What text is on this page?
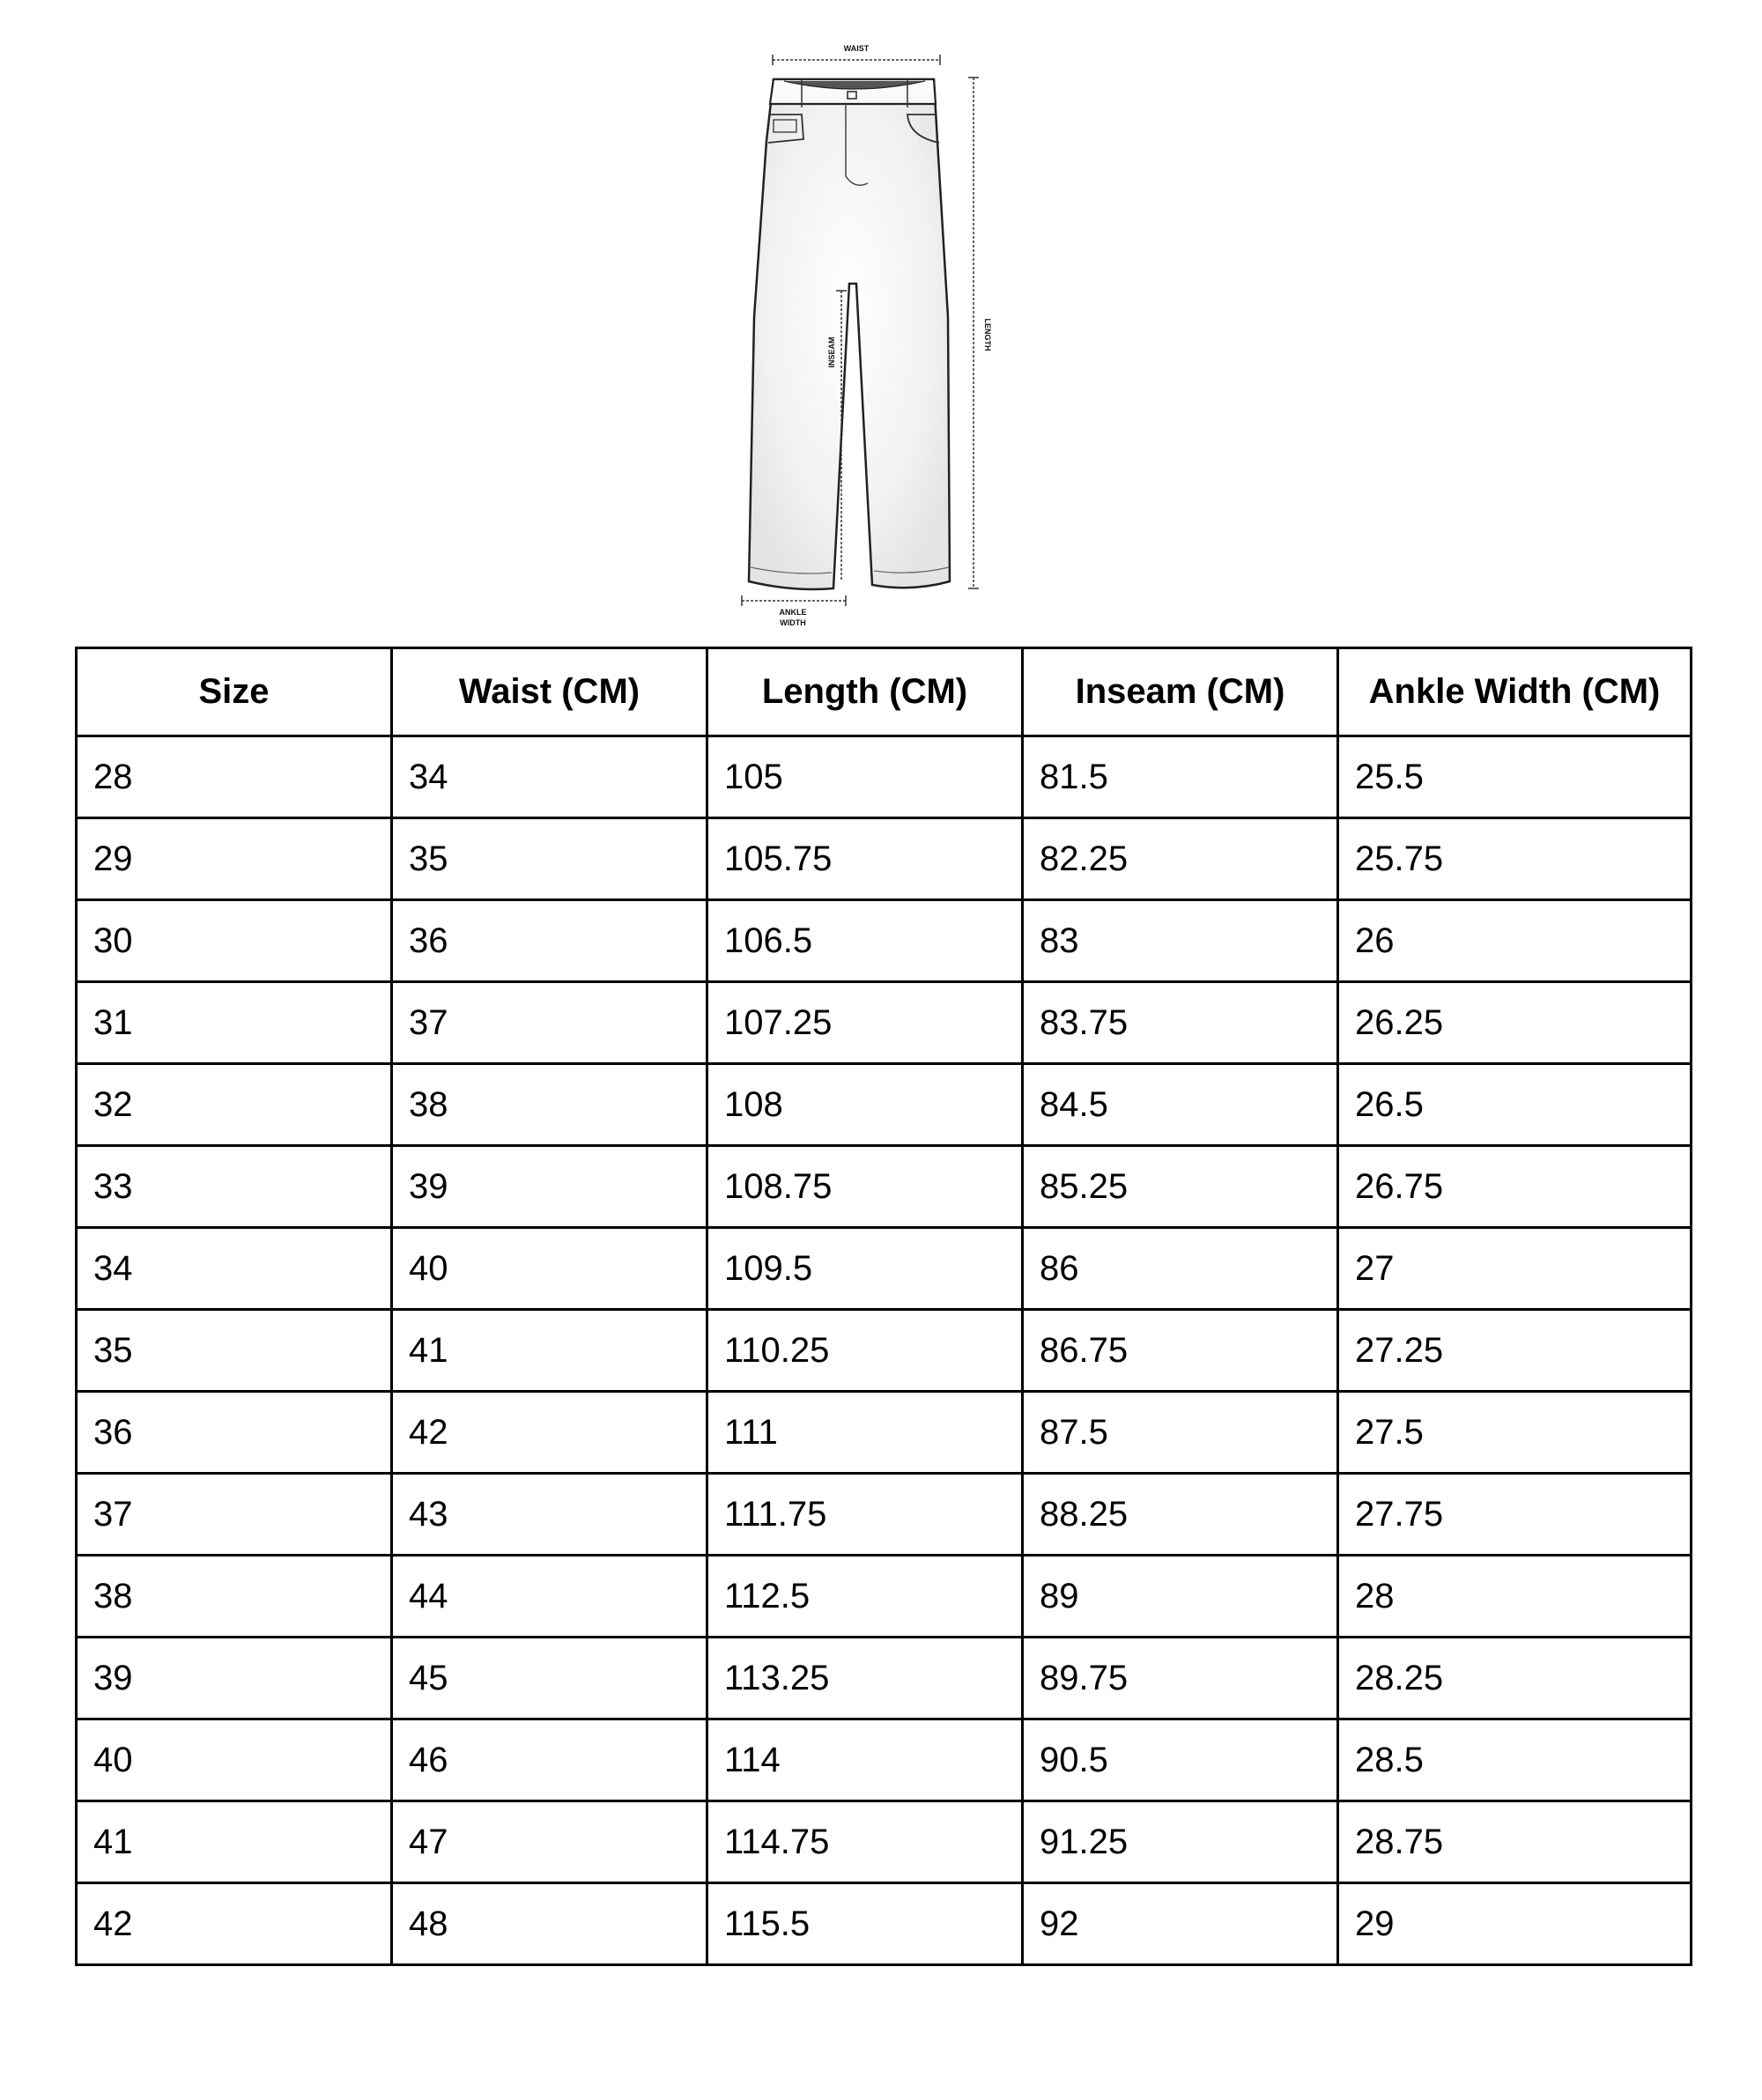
WAIST
INSEAM
LENGTH
ANKLE
WIDTH
Size	Waist (CM)	Length (CM)	Inseam (CM)	Ankle Width (CM)
28	34	105	81.5	25.5
29	35	105.75	82.25	25.75
30	36	106.5	83	26
31	37	107.25	83.75	26.25
32	38	108	84.5	26.5
33	39	108.75	85.25	26.75
34	40	109.5	86	27
35	41	110.25	86.75	27.25
36	42	111	87.5	27.5
37	43	111.75	88.25	27.75
38	44	112.5	89	28
39	45	113.25	89.75	28.25
40	46	114	90.5	28.5
41	47	114.75	91.25	28.75
42	48	115.5	92	29
